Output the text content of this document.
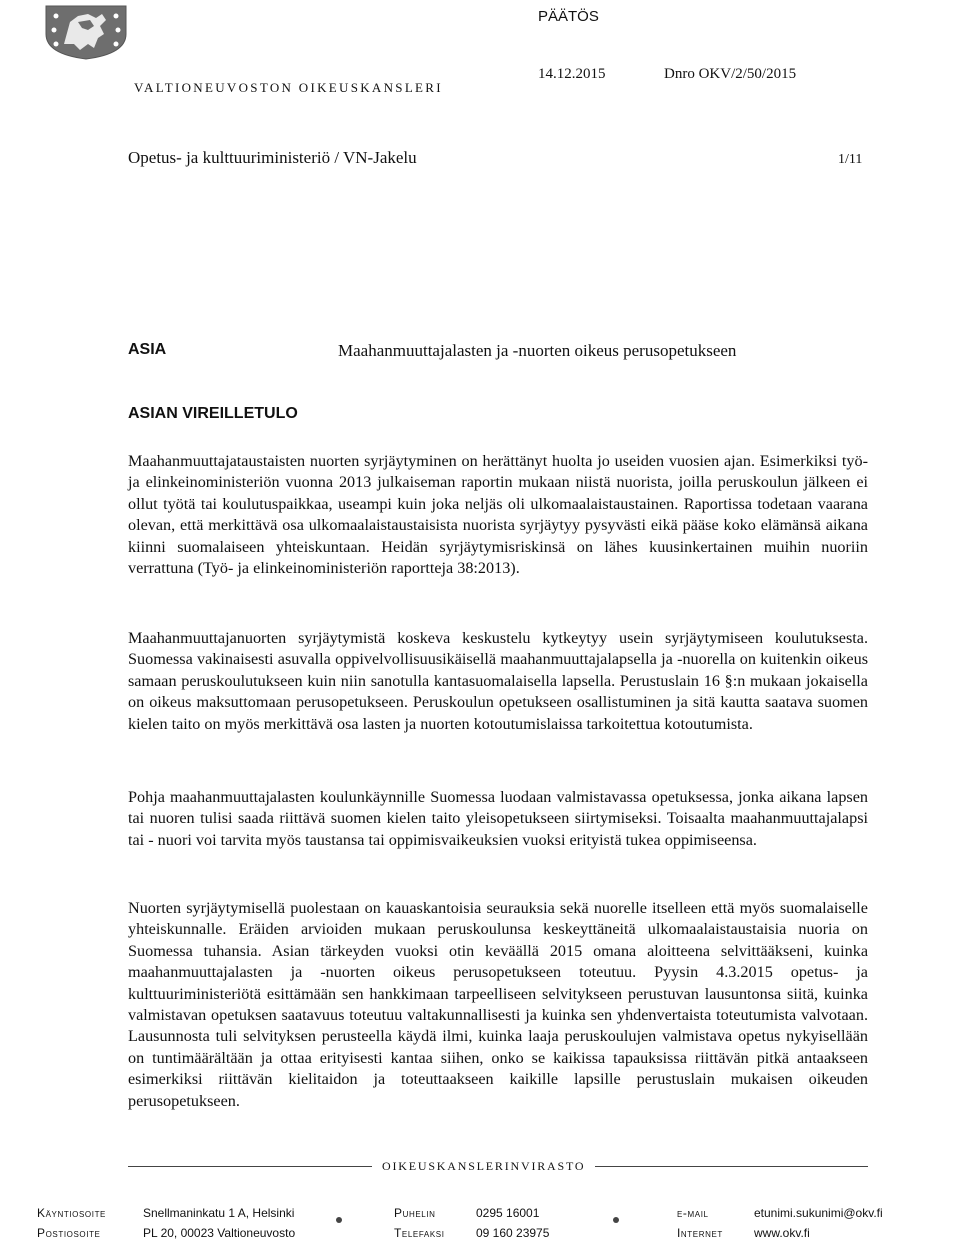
VALTIONEUVOSTON OIKEUSKANSLERI
PÄÄTÖS
14.12.2015	Dnro OKV/2/50/2015
Opetus- ja kulttuuriministeriö / VN-Jakelu	1/11
ASIA	Maahanmuuttajalasten ja -nuorten oikeus perusopetukseen
ASIAN VIREILLETULO

Maahanmuuttajataustaisten nuorten syrjäytyminen on herättänyt huolta jo useiden vuosien ajan. Esimerkiksi työ- ja elinkeinoministeriön vuonna 2013 julkaiseman raportin mukaan niistä nuorista, joilla peruskoulun jälkeen ei ollut työtä tai koulutuspaikkaa, useampi kuin joka neljäs oli ulkomaalaistaustainen. Raportissa todetaan vaarana olevan, että merkittävä osa ulkomaalaistaustaisista nuorista syrjäytyy pysyvästi eikä pääse koko elämänsä aikana kiinni suomalaiseen yhteiskuntaan. Heidän syrjäytymisriskinsä on lähes kuusinkertainen muihin nuoriin verrattuna (Työ- ja elinkeinoministeriön raportteja 38:2013).

Maahanmuuttajanuorten syrjäytymistä koskeva keskustelu kytkeytyy usein syrjäytymiseen koulutuksesta. Suomessa vakinaisesti asuvalla oppivelvollisuusikäisellä maahanmuuttajalapsella ja -nuorella on kuitenkin oikeus samaan peruskoulutukseen kuin niin sanotulla kantasuomalaisella lapsella. Perustuslain 16 §:n mukaan jokaisella on oikeus maksuttomaan perusopetukseen. Peruskoulun opetukseen osallistuminen ja sitä kautta saatava suomen kielen taito on myös merkittävä osa lasten ja nuorten kotoutumislaissa tarkoitettua kotoutumista.

Pohja maahanmuuttajalasten koulunkäynnille Suomessa luodaan valmistavassa opetuksessa, jonka aikana lapsen tai nuoren tulisi saada riittävä suomen kielen taito yleisopetukseen siirtymiseksi. Toisaalta maahanmuuttajalapsi tai - nuori voi tarvita myös taustansa tai oppimisvaikeuksien vuoksi erityistä tukea oppimiseensa.

Nuorten syrjäytymisellä puolestaan on kauaskantoisia seurauksia sekä nuorelle itselleen että myös suomalaiselle yhteiskunnalle. Eräiden arvioiden mukaan peruskoulunsa keskeyttäneitä ulkomaalaistaustaisia nuoria on Suomessa tuhansia. Asian tärkeyden vuoksi otin keväällä 2015 omana aloitteena selvittääkseni, kuinka maahanmuuttajalasten ja -nuorten oikeus perusopetukseen toteutuu. Pyysin 4.3.2015 opetus- ja kulttuuriministeriötä esittämään sen hankkimaan tarpeelliseen selvitykseen perustuvan lausuntonsa siitä, kuinka valmistavan opetuksen saatavuus toteutuu valtakunnallisesti ja kuinka sen yhdenvertaista toteutumista valvotaan. Lausunnosta tuli selvityksen perusteella käydä ilmi, kuinka laaja peruskoulujen valmistava opetus nykyisellään on tuntimäärältään ja ottaa erityisesti kantaa siihen, onko se kaikissa tapauksissa riittävän pitkä antaakseen esimerkiksi riittävän kielitaidon ja toteuttaakseen kaikille lapsille perustuslain mukaisen oikeuden perusopetukseen.

OIKEUSKANSLERINVIRASTO
Käyntiosoite	Snellmaninkatu 1 A, Helsinki
Postiosoite	PL 20, 00023 Valtioneuvosto
Puhelin	0295 16001
Telefaksi	09 160 23975
e-mail	etunimi.sukunimi@okv.fi
Internet	www.okv.fi
